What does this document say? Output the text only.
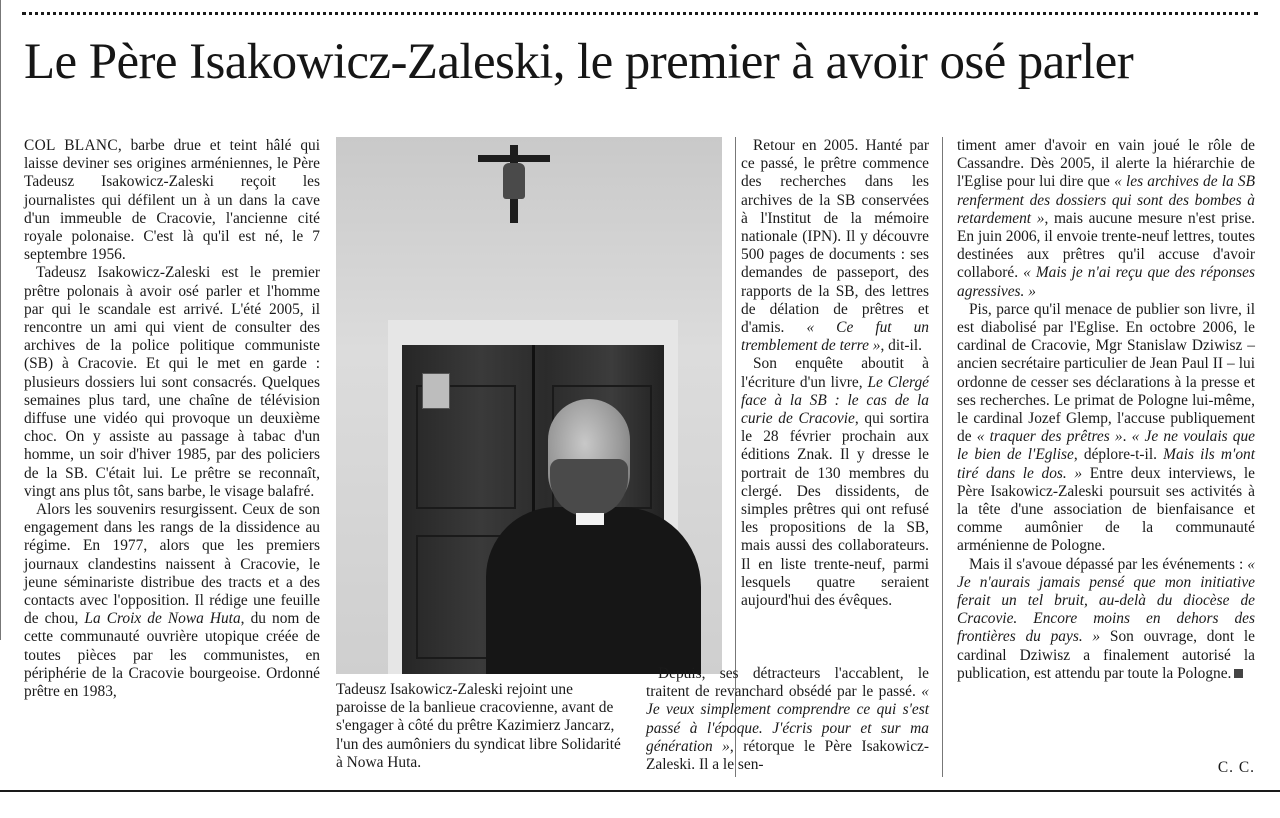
Le Père Isakowicz-Zaleski, le premier à avoir osé parler

COL BLANC, barbe drue et teint hâlé qui laisse deviner ses origines arméniennes, le Père Tadeusz Isakowicz-Zaleski reçoit les journalistes qui défilent un à un dans la cave d'un immeuble de Cracovie, l'ancienne cité royale polonaise. C'est là qu'il est né, le 7 septembre 1956.

Tadeusz Isakowicz-Zaleski est le premier prêtre polonais à avoir osé parler et l'homme par qui le scandale est arrivé. L'été 2005, il rencontre un ami qui vient de consulter des archives de la police politique communiste (SB) à Cracovie. Et qui le met en garde : plusieurs dossiers lui sont consacrés. Quelques semaines plus tard, une chaîne de télévision diffuse une vidéo qui provoque un deuxième choc. On y assiste au passage à tabac d'un homme, un soir d'hiver 1985, par des policiers de la SB. C'était lui. Le prêtre se reconnaît, vingt ans plus tôt, sans barbe, le visage balafré.

Alors les souvenirs resurgissent. Ceux de son engagement dans les rangs de la dissidence au régime. En 1977, alors que les premiers journaux clandestins naissent à Cracovie, le jeune séminariste distribue des tracts et a des contacts avec l'opposition. Il rédige une feuille de chou, La Croix de Nowa Huta, du nom de cette communauté ouvrière utopique créée de toutes pièces par les communistes, en périphérie de la Cracovie bourgeoise. Ordonné prêtre en 1983,	Tadeusz Isakowicz-Zaleski rejoint une paroisse de la banlieue cracovienne, avant de s'engager à côté du prêtre Kazimierz Jancarz, l'un des aumôniers du syndicat libre Solidarité à Nowa Huta.

Retour en 2005. Hanté par ce passé, le prêtre commence des recherches dans les archives de la SB conservées à l'Institut de la mémoire nationale (IPN). Il y découvre 500 pages de documents : ses demandes de passeport, des rapports de la SB, des lettres de délation de prêtres et d'amis. « Ce fut un tremblement de terre », dit-il.

Son enquête aboutit à l'écriture d'un livre, Le Clergé face à la SB : le cas de la curie de Cracovie, qui sortira le 28 février prochain aux éditions Znak. Il y dresse le portrait de 130 membres du clergé. Des dissidents, de simples prêtres qui ont refusé les propositions de la SB, mais aussi des collaborateurs. Il en liste trente-neuf, parmi lesquels quatre seraient aujourd'hui des évêques.

Depuis, ses détracteurs l'accablent, le traitent de revanchard obsédé par le passé. « Je veux simplement comprendre ce qui s'est passé à l'époque. J'écris pour et sur ma génération », rétorque le Père Isakowicz-Zaleski. Il a le sen-

timent amer d'avoir en vain joué le rôle de Cassandre. Dès 2005, il alerte la hiérarchie de l'Eglise pour lui dire que « les archives de la SB renferment des dossiers qui sont des bombes à retardement », mais aucune mesure n'est prise. En juin 2006, il envoie trente-neuf lettres, toutes destinées aux prêtres qu'il accuse d'avoir collaboré. « Mais je n'ai reçu que des réponses agressives. »

Pis, parce qu'il menace de publier son livre, il est diabolisé par l'Eglise. En octobre 2006, le cardinal de Cracovie, Mgr Stanislaw Dziwisz – ancien secrétaire particulier de Jean Paul II – lui ordonne de cesser ses déclarations à la presse et ses recherches. Le primat de Pologne lui-même, le cardinal Jozef Glemp, l'accuse publiquement de « traquer des prêtres ». « Je ne voulais que le bien de l'Eglise, déplore-t-il. Mais ils m'ont tiré dans le dos. » Entre deux interviews, le Père Isakowicz-Zaleski poursuit ses activités à la tête d'une association de bienfaisance et comme aumônier de la communauté arménienne de Pologne.

Mais il s'avoue dépassé par les événements : « Je n'aurais jamais pensé que mon initiative ferait un tel bruit, au-delà du diocèse de Cracovie. Encore moins en dehors des frontières du pays. » Son ouvrage, dont le cardinal Dziwisz a finalement autorisé la publication, est attendu par toute la Pologne.

C. C.
